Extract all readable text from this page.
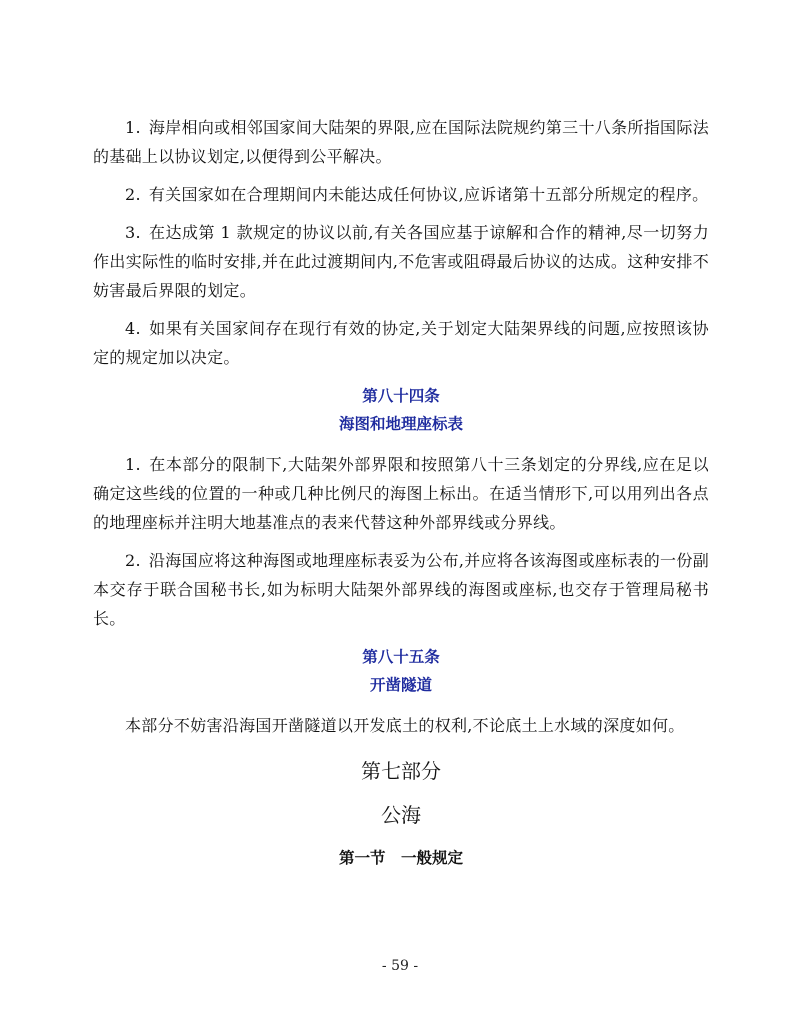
1. 海岸相向或相邻国家间大陆架的界限,应在国际法院规约第三十八条所指国际法的基础上以协议划定,以便得到公平解决。

2. 有关国家如在合理期间内未能达成任何协议,应诉诸第十五部分所规定的程序。

3. 在达成第 1 款规定的协议以前,有关各国应基于谅解和合作的精神,尽一切努力作出实际性的临时安排,并在此过渡期间内,不危害或阻碍最后协议的达成。这种安排不妨害最后界限的划定。

4. 如果有关国家间存在现行有效的协定,关于划定大陆架界线的问题,应按照该协定的规定加以决定。

第八十四条

海图和地理座标表

1. 在本部分的限制下,大陆架外部界限和按照第八十三条划定的分界线,应在足以确定这些线的位置的一种或几种比例尺的海图上标出。在适当情形下,可以用列出各点的地理座标并注明大地基准点的表来代替这种外部界线或分界线。

2. 沿海国应将这种海图或地理座标表妥为公布,并应将各该海图或座标表的一份副本交存于联合国秘书长,如为标明大陆架外部界线的海图或座标,也交存于管理局秘书长。

第八十五条

开凿隧道

本部分不妨害沿海国开凿隧道以开发底土的权利,不论底土上水域的深度如何。

第七部分

公海

第一节　一般规定

- 59 -
